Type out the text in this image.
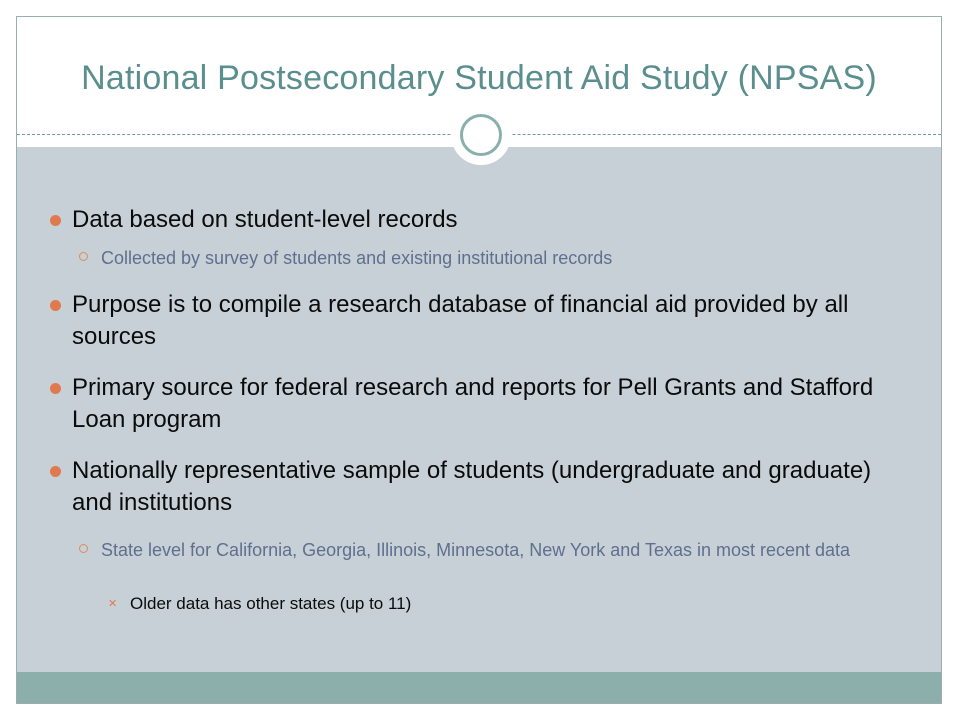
National Postsecondary Student Aid Study (NPSAS)
Data based on student-level records
Collected by survey of students and existing institutional records
Purpose is to compile a research database of financial aid provided by all sources
Primary source for federal research and reports for Pell Grants and Stafford Loan program
Nationally representative sample of students (undergraduate and graduate) and institutions
State level for California, Georgia, Illinois, Minnesota, New York and Texas in most recent data
✕ Older data has other states (up to 11)
